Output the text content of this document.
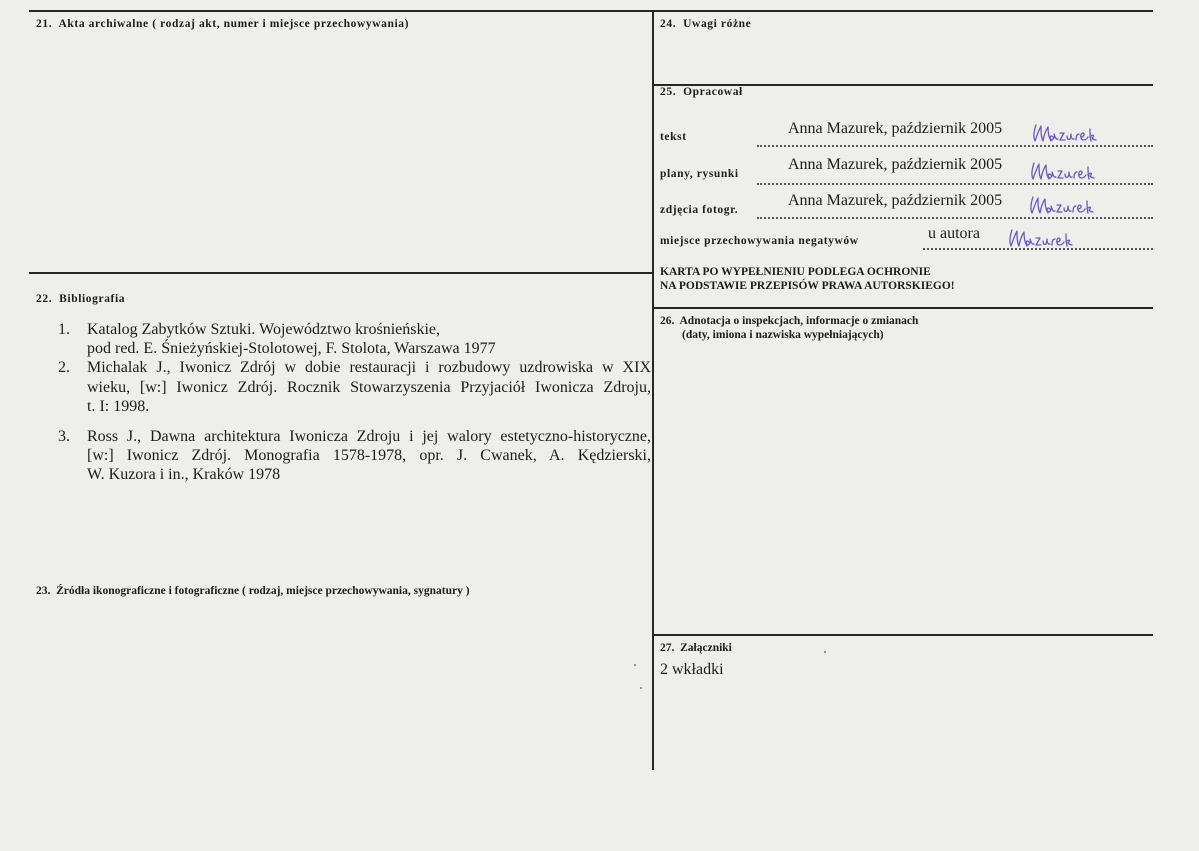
21. Akta archiwalne ( rodzaj akt, numer i miejsce przechowywania)
22. Bibliografia
1. Katalog Zabytków Sztuki. Województwo krośnieńskie,
pod red. E. Śnieżyńskiej-Stolotowej, F. Stolota, Warszawa 1977
2. Michalak J., Iwonicz Zdrój w dobie restauracji i rozbudowy uzdrowiska w XIX
wieku, [w:] Iwonicz Zdrój. Rocznik Stowarzyszenia Przyjaciół Iwonicza Zdroju,
t. I: 1998.
3. Ross J., Dawna architektura Iwonicza Zdroju i jej walory estetyczno-historyczne,
[w:] Iwonicz Zdrój. Monografia 1578-1978, opr. J. Cwanek, A. Kędzierski,
W. Kuzora i in., Kraków 1978
23. Źródła ikonograficzne i fotograficzne ( rodzaj, miejsce przechowywania, sygnatury )
24. Uwagi różne
25. Opracował
tekst	Anna Mazurek, październik 2005
plany, rysunki
Anna Mazurek, październik 2005
zdjęcia fotogr.
Anna Mazurek, październik 2005
miejsce przechowywania negatywów	u autora
KARTA PO WYPEŁNIENIU PODLEGA OCHRONIE
NA PODSTAWIE PRZEPISÓW PRAWA AUTORSKIEGO!
26. Adnotacja o inspekcjach, informacje o zmianach
(daty, imiona i nazwiska wypełniających)
27. Załączniki
2 wkładki
